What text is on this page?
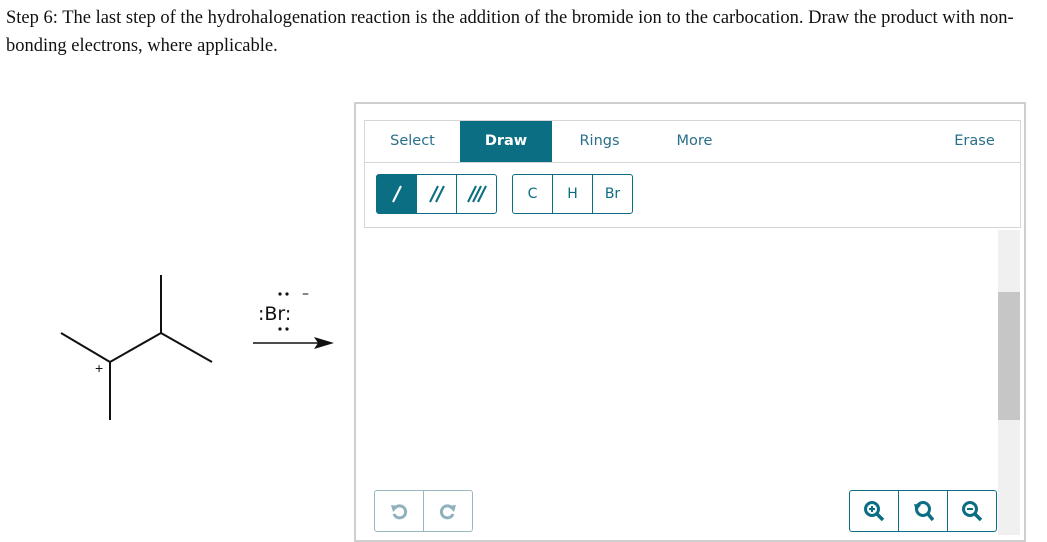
Step 6: The last step of the hydrohalogenation reaction is the addition of the bromide ion to the carbocation. Draw the product with non-bonding electrons, where applicable.
+
:Br:
–
Select	Draw	Rings	More	Erase
C	H	Br
